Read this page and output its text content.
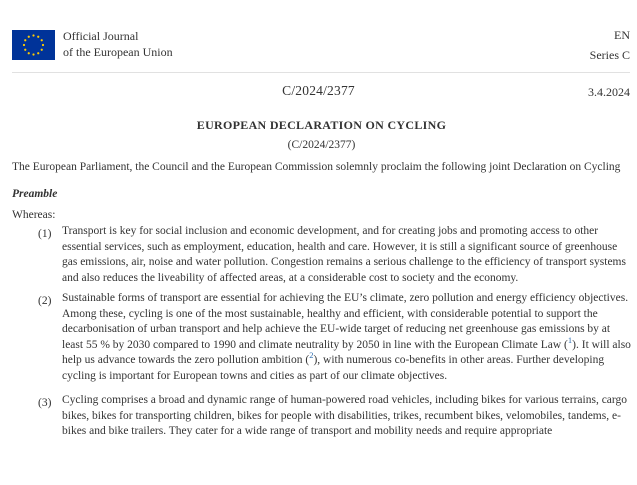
Official Journal
of the European Union
EN
Series C
C/2024/2377	3.4.2024
EUROPEAN DECLARATION ON CYCLING
(C/2024/2377)
The European Parliament, the Council and the European Commission solemnly proclaim the following joint Declaration on Cycling
Preamble
Whereas:
(1) Transport is key for social inclusion and economic development, and for creating jobs and promoting access to other essential services, such as employment, education, health and care. However, it is still a significant source of greenhouse gas emissions, air, noise and water pollution. Congestion remains a serious challenge to the efficiency of transport systems and also reduces the liveability of affected areas, at a considerable cost to society and the economy.
(2) Sustainable forms of transport are essential for achieving the EU’s climate, zero pollution and energy efficiency objectives. Among these, cycling is one of the most sustainable, healthy and efficient, with considerable potential to support the decarbonisation of urban transport and help achieve the EU-wide target of reducing net greenhouse gas emissions by at least 55 % by 2030 compared to 1990 and climate neutrality by 2050 in line with the European Climate Law ($^1$). It will also help us advance towards the zero pollution ambition ($^2$), with numerous co-benefits in other areas. Further developing cycling is important for European towns and cities as part of our climate objectives.
(3) Cycling comprises a broad and dynamic range of human-powered road vehicles, including bikes for various terrains, cargo bikes, bikes for transporting children, bikes for people with disabilities, trikes, recumbent bikes, velomobiles, tandems, e-bikes and bike trailers. They cater for a wide range of transport and mobility needs and require appropriate
